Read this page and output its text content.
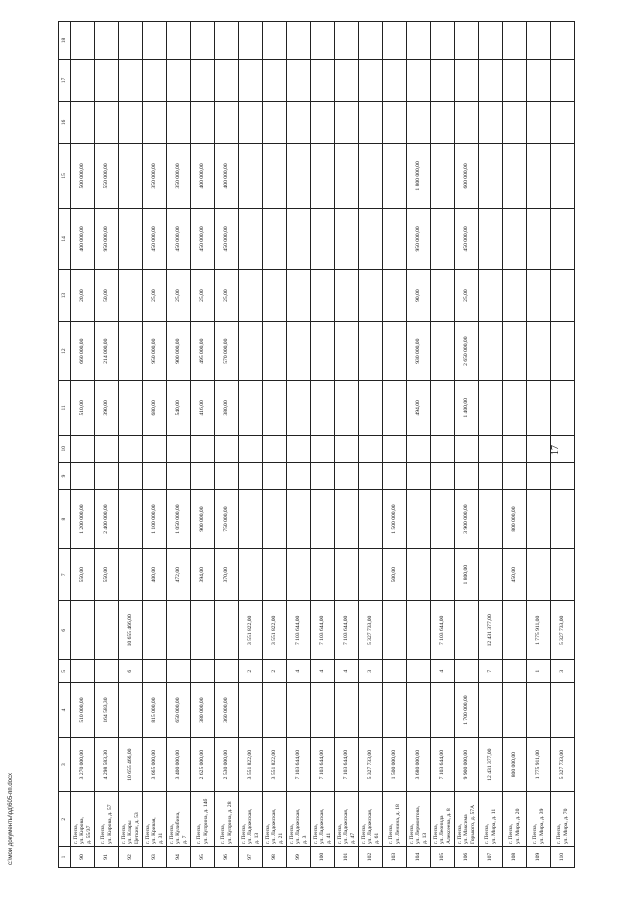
c:\мои документы\рд\605-пп.docx
17
1	2	3	4	5	6	7	8	9	10	11	12	13	14	15	16	17	18
90	г. Пенза,
ул. Кирова,
д. 55/37	3 270 000,00	510 000,00			550,00	1 200 000,00			510,00	660 000,00	20,00	400 000,00	500 000,00			
91	г. Пенза,
ул. Кирова, д. 57	4 298 583,30	164 583,30			550,00	2 400 000,00			390,00	214 000,00	50,00	950 000,00	550 000,00			
92	г. Пенза,
ул. Клары
Цеткин, д. 53	10 655 466,00		6	10 655 466,00												
93	г. Пенза,
ул. Кривая,
д. 31	3 665 000,00	815 000,00			400,00	1 100 000,00			680,00	950 000,00	25,00	450 000,00	350 000,00			
94	г. Пенза,
ул. Кулибина,
д. 7	3 400 000,00	650 000,00			472,00	1 050 000,00			540,00	900 000,00	25,00	450 000,00	350 000,00			
95	г. Пенза,
ул. Куприна, д. 14б	2 625 000,00	380 000,00			394,00	900 000,00			416,00	495 000,00	25,00	450 000,00	400 000,00			
96	г. Пенза,
ул. Куприна, д. 28	2 530 000,00	360 000,00			370,00	750 000,00			380,00	570 000,00	25,00	450 000,00	400 000,00			
97	г. Пенза,
ул. Ладожская,
д. 13	3 551 822,00		2	3 551 822,00												
98	г. Пенза,
ул. Ладожская,
д. 21	3 551 822,00		2	3 551 822,00												
99	г. Пенза,
ул. Ладожская,
д. 3	7 103 644,00		4	7 103 644,00												
100	г. Пенза,
ул. Ладожская,
д. 41	7 103 644,00		4	7 103 644,00												
101	г. Пенза,
ул. Ладожская,
д. 47	7 103 644,00		4	7 103 644,00												
102	г. Пенза,
ул. Ладожская,
д. 61	5 327 733,00		3	5 327 733,00												
103	г. Пенза,
ул. Ленина, д. 18	1 500 000,00				500,00	1 500 000,00										
104	г. Пенза,
ул. Лермонтова,
д. 13	3 680 000,00								494,00	930 000,00	90,00	950 000,00	1 800 000,00			
105	г. Пенза,
ул. Леонида
Алексеева, д. 8	7 103 644,00		4	7 103 644,00												
106	г. Пенза,
ул. Максима
Горького, д. 57А	9 900 000,00	1 700 000,00			1 800,00	3 900 000,00			1 400,00	2 650 000,00	25,00	450 000,00	600 000,00			
107	г. Пенза,
ул. Мира, д. 11	12 431 377,00		7	12 431 377,00												
108	г. Пенза,
ул. Мира, д. 20	800 000,00				450,00	800 000,00										
109	г. Пенза,
ул. Мира, д. 39	1 775 911,00		1	1 775 911,00												
110	г. Пенза,
ул. Мира, д. 70	5 327 733,00		3	5 327 733,00												
